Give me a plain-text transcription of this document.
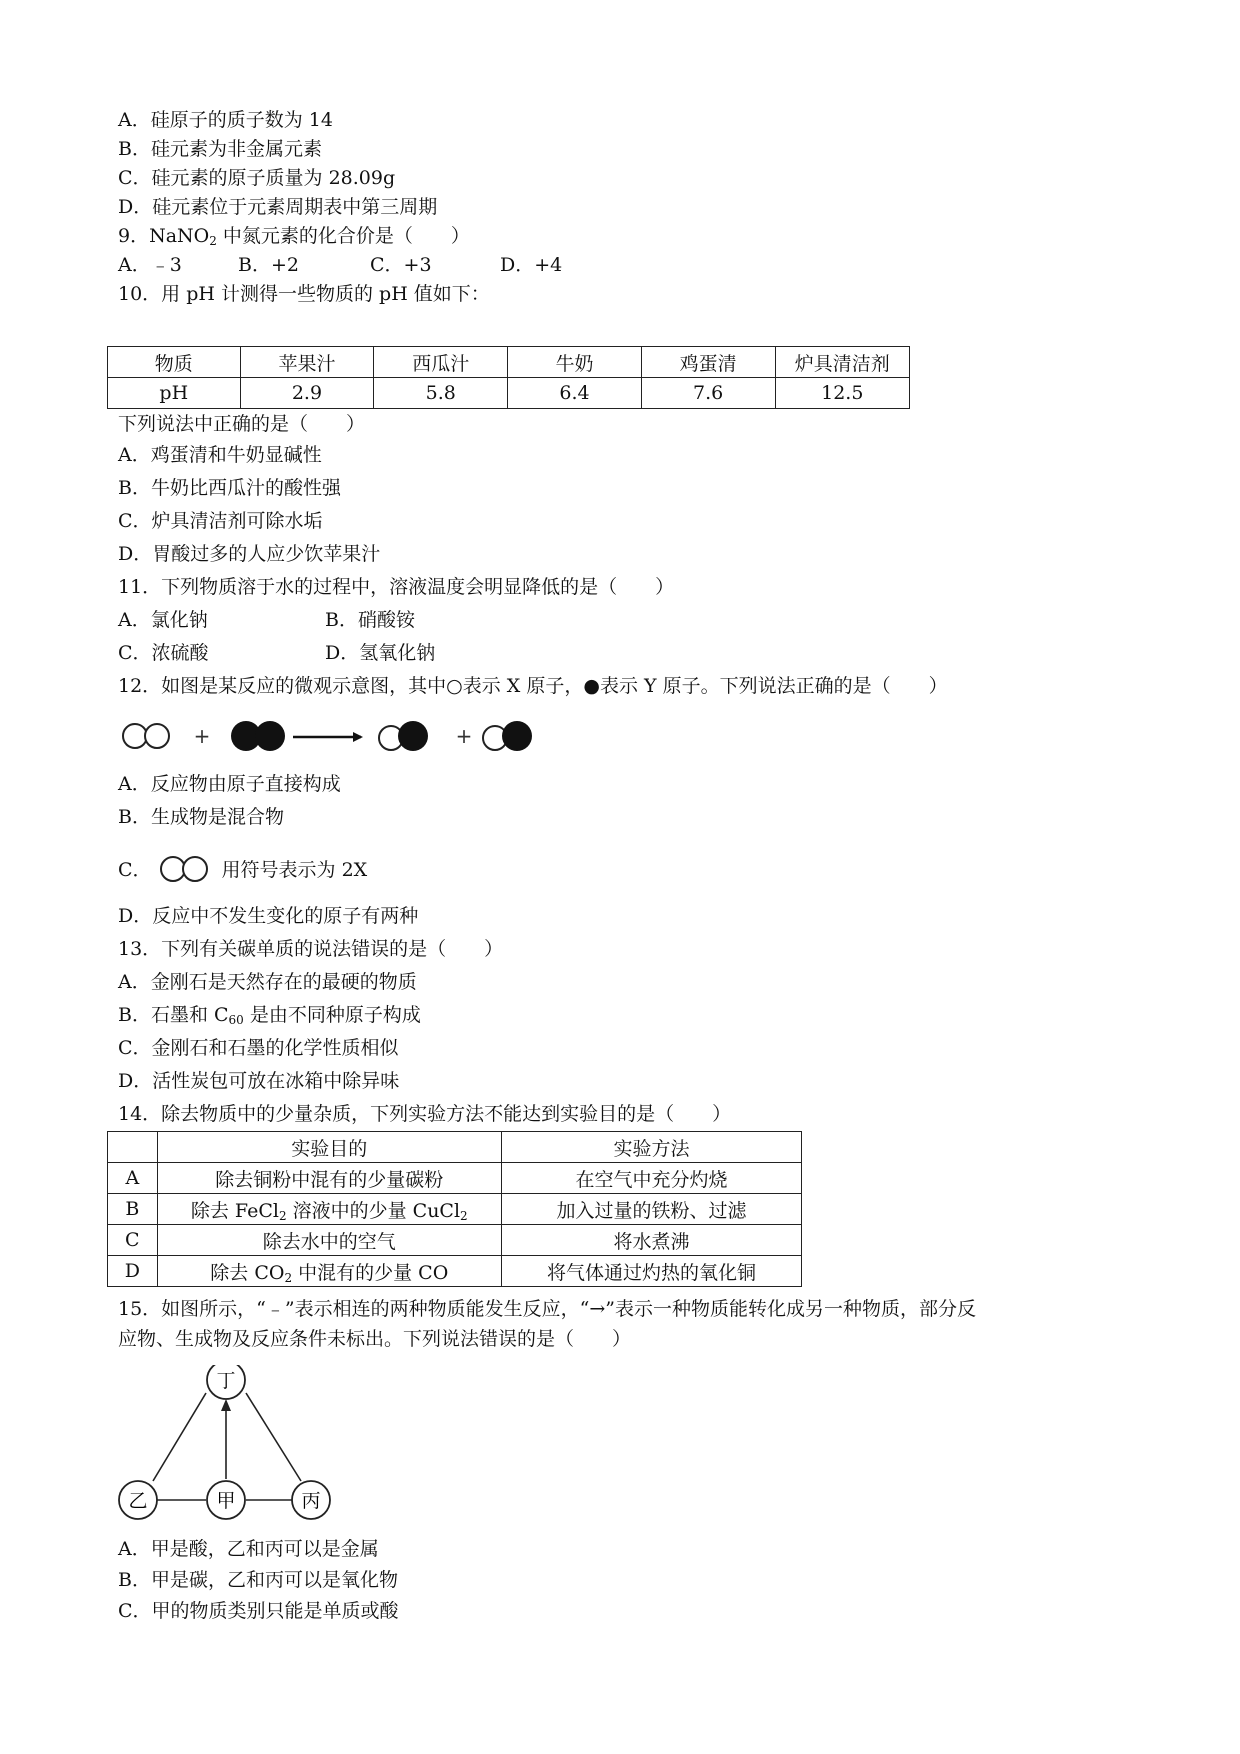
A．硅原子的质子数为 14
B．硅元素为非金属元素
C．硅元素的原子质量为 28.09g
D．硅元素位于元素周期表中第三周期
9．NaNO$_2$ 中氮元素的化合价是（　　）
A．﹣3	B．+2	C．+3	D．+4
10．用 pH 计测得一些物质的 pH 值如下：
物质	苹果汁	西瓜汁	牛奶	鸡蛋清	炉具清洁剂
pH	2.9	5.8	6.4	7.6	12.5
下列说法中正确的是（　　）
A．鸡蛋清和牛奶显碱性
B．牛奶比西瓜汁的酸性强
C．炉具清洁剂可除水垢
D．胃酸过多的人应少饮苹果汁
11．下列物质溶于水的过程中，溶液温度会明显降低的是（　　）
A．氯化钠	B．硝酸铵
C．浓硫酸	D．氢氧化钠
12．如图是某反应的微观示意图，其中○表示 X 原子，●表示 Y 原子。下列说法正确的是（　　）
+	+
A．反应物由原子直接构成
B．生成物是混合物
C．	用符号表示为 2X
D．反应中不发生变化的原子有两种
13．下列有关碳单质的说法错误的是（　　）
A．金刚石是天然存在的最硬的物质
B．石墨和 $C_{60}$ 是由不同种原子构成
C．金刚石和石墨的化学性质相似
D．活性炭包可放在冰箱中除异味
14．除去物质中的少量杂质，下列实验方法不能达到实验目的是（　　）
	实验目的	实验方法
A	除去铜粉中混有的少量碳粉	在空气中充分灼烧
B	除去 FeCl$_2$ 溶液中的少量 CuCl$_2$	加入过量的铁粉、过滤
C	除去水中的空气	将水煮沸
D	除去 $CO_2$ 中混有的少量 CO	将气体通过灼热的氧化铜
15．如图所示，“﹣”表示相连的两种物质能发生反应，“→”表示一种物质能转化成另一种物质，部分反
应物、生成物及反应条件未标出。下列说法错误的是（　　）
丁
乙	甲	丙
A．甲是酸，乙和丙可以是金属
B．甲是碳，乙和丙可以是氧化物
C．甲的物质类别只能是单质或酸
